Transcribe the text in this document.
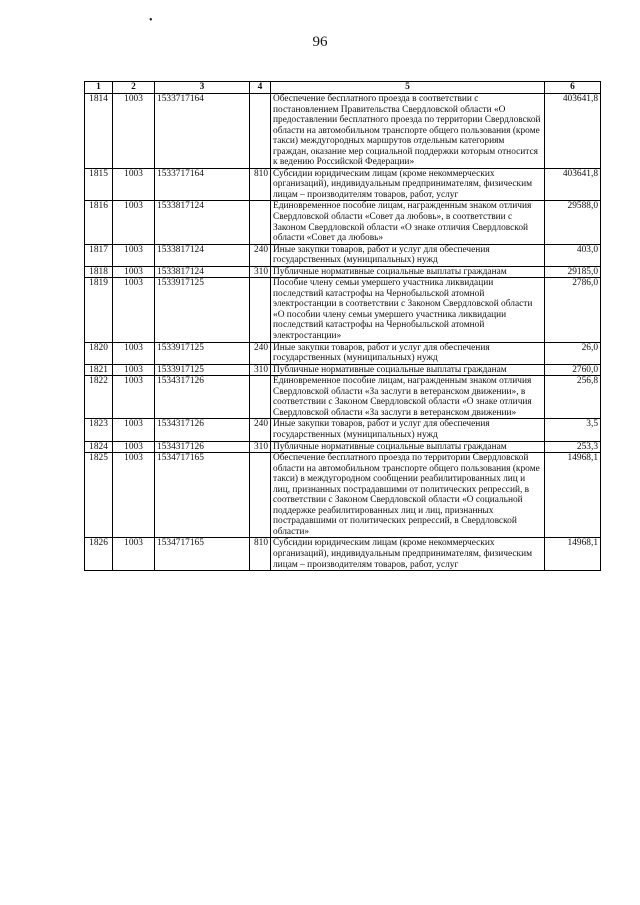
•
96
1	2	3	4	5	6
1814	1003	1533717164		Обеспечение бесплатного проезда в соответствии с постановлением Правительства Свердловской области «О предоставлении бесплатного проезда по территории Свердловской области на автомобильном транспорте общего пользования (кроме такси) междугородных маршрутов отдельным категориям граждан, оказание мер социальной поддержки которым относится к ведению Российской Федерации»	403641,8
1815	1003	1533717164	810	Субсидии юридическим лицам (кроме некоммерческих организаций), индивидуальным предпринимателям, физическим лицам – производителям товаров, работ, услуг	403641,8
1816	1003	1533817124		Единовременное пособие лицам, награжденным знаком отличия Свердловской области «Совет да любовь», в соответствии с Законом Свердловской области «О знаке отличия Свердловской области «Совет да любовь»	29588,0
1817	1003	1533817124	240	Иные закупки товаров, работ и услуг для обеспечения государственных (муниципальных) нужд	403,0
1818	1003	1533817124	310	Публичные нормативные социальные выплаты гражданам	29185,0
1819	1003	1533917125		Пособие члену семьи умершего участника ликвидации последствий катастрофы на Чернобыльской атомной электростанции в соответствии с Законом Свердловской области «О пособии члену семьи умершего участника ликвидации последствий катастрофы на Чернобыльской атомной электростанции»	2786,0
1820	1003	1533917125	240	Иные закупки товаров, работ и услуг для обеспечения государственных (муниципальных) нужд	26,0
1821	1003	1533917125	310	Публичные нормативные социальные выплаты гражданам	2760,0
1822	1003	1534317126		Единовременное пособие лицам, награжденным знаком отличия Свердловской области «За заслуги в ветеранском движении», в соответствии с Законом Свердловской области «О знаке отличия Свердловской области «За заслуги в ветеранском движении»	256,8
1823	1003	1534317126	240	Иные закупки товаров, работ и услуг для обеспечения государственных (муниципальных) нужд	3,5
1824	1003	1534317126	310	Публичные нормативные социальные выплаты гражданам	253,3
1825	1003	1534717165		Обеспечение бесплатного проезда по территории Свердловской области на автомобильном транспорте общего пользования (кроме такси) в междугородном сообщении реабилитированных лиц и лиц, признанных пострадавшими от политических репрессий, в соответствии с Законом Свердловской области «О социальной поддержке реабилитированных лиц и лиц, признанных пострадавшими от политических репрессий, в Свердловской области»	14968,1
1826	1003	1534717165	810	Субсидии юридическим лицам (кроме некоммерческих организаций), индивидуальным предпринимателям, физическим лицам – производителям товаров, работ, услуг	14968,1
